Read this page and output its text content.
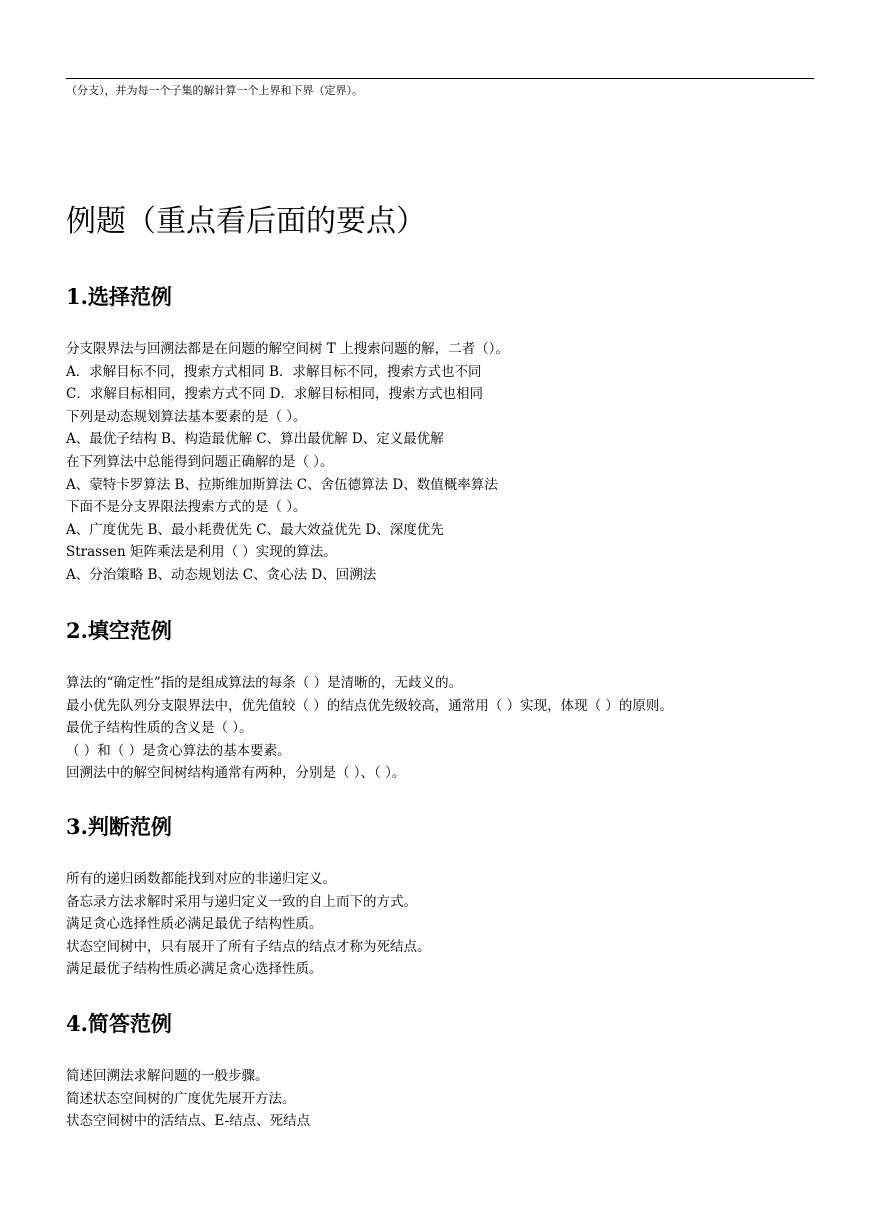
（分支），并为每一个子集的解计算一个上界和下界（定界）。
例题（重点看后面的要点）
1.选择范例

分支限界法与回溯法都是在问题的解空间树 T 上搜索问题的解，二者（）。

A．求解目标不同，搜索方式相同 B．求解目标不同，搜索方式也不同

C．求解目标相同，搜索方式不同 D．求解目标相同，搜索方式也相同

下列是动态规划算法基本要素的是（ ）。

A、最优子结构 B、构造最优解 C、算出最优解 D、定义最优解

在下列算法中总能得到问题正确解的是（ ）。

A、蒙特卡罗算法 B、拉斯维加斯算法 C、舍伍德算法 D、数值概率算法

下面不是分支界限法搜索方式的是（ ）。

A、广度优先 B、最小耗费优先 C、最大效益优先 D、深度优先

Strassen 矩阵乘法是利用（ ）实现的算法。

A、分治策略 B、动态规划法 C、贪心法 D、回溯法

2.填空范例

算法的“确定性”指的是组成算法的每条（ ）是清晰的，无歧义的。

最小优先队列分支限界法中，优先值较（ ）的结点优先级较高，通常用（ ）实现，体现（ ）的原则。

最优子结构性质的含义是（ ）。

（ ）和（ ）是贪心算法的基本要素。

回溯法中的解空间树结构通常有两种，分别是（ ）、（ ）。

3.判断范例

所有的递归函数都能找到对应的非递归定义。

备忘录方法求解时采用与递归定义一致的自上而下的方式。

满足贪心选择性质必满足最优子结构性质。

状态空间树中，只有展开了所有子结点的结点才称为死结点。

满足最优子结构性质必满足贪心选择性质。

4.简答范例

简述回溯法求解问题的一般步骤。

简述状态空间树的广度优先展开方法。

状态空间树中的活结点、E-结点、死结点
